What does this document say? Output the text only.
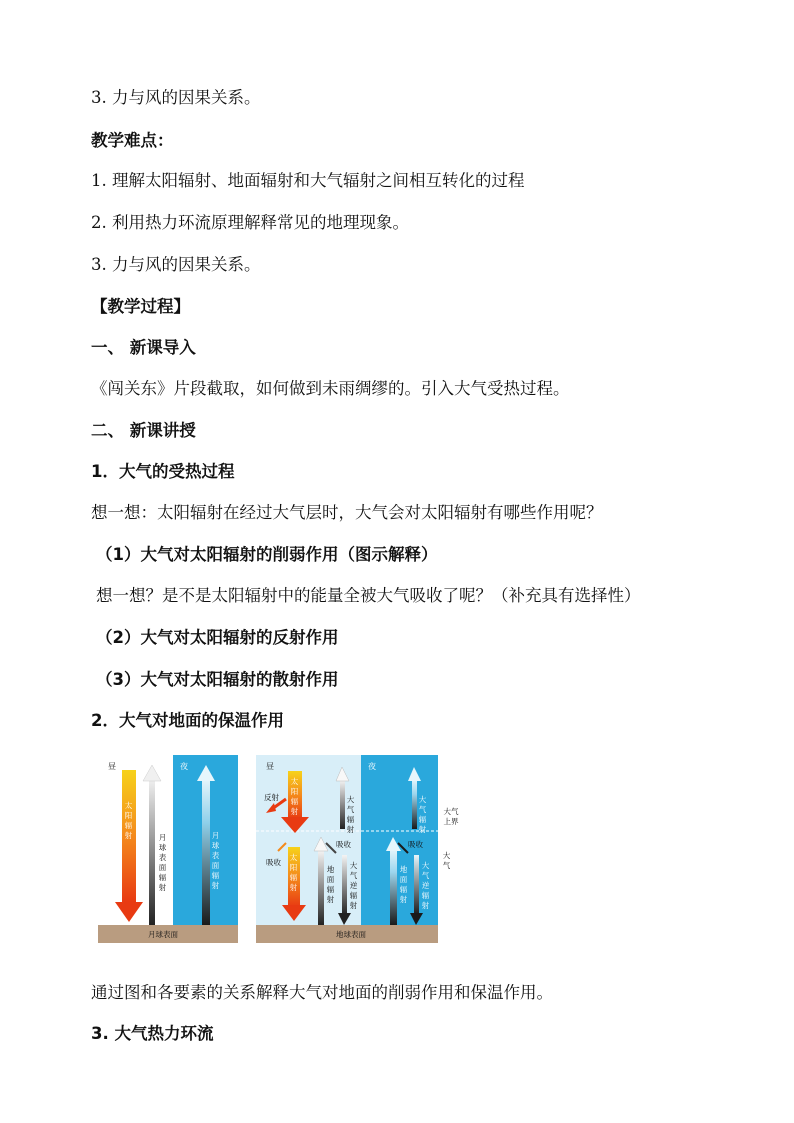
3. 力与风的因果关系。
教学难点：
1. 理解太阳辐射、地面辐射和大气辐射之间相互转化的过程
2. 利用热力环流原理解释常见的地理现象。
3. 力与风的因果关系。
【教学过程】
一、 新课导入
《闯关东》片段截取，如何做到未雨绸缪的。引入大气受热过程。
二、 新课讲授
1．大气的受热过程
想一想：太阳辐射在经过大气层时，大气会对太阳辐射有哪些作用呢？
（1）大气对太阳辐射的削弱作用（图示解释）
想一想？是不是太阳辐射中的能量全被大气吸收了呢？（补充具有选择性）
（2）大气对太阳辐射的反射作用
（3）大气对太阳辐射的散射作用
2．大气对地面的保温作用
昼	夜
太阳辐射	月球表面辐射
月球表面辐射
月球表面
昼	夜
反射
太阳辐射
大气辐射
吸收
吸收
太阳辐射
地面辐射
大气逆辐射
大气辐射
吸收
地面辐射
大气逆辐射
大气上界
大气
地球表面
通过图和各要素的关系解释大气对地面的削弱作用和保温作用。
3. 大气热力环流
